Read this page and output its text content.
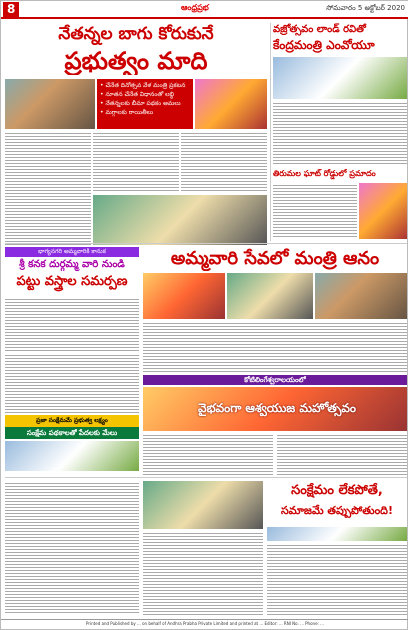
8	ఆంధ్రప్రభ	సోమవారం 5 అక్టోబర్ 2020
నేతన్నల బాగు కోరుకునే
ప్రభుత్వం మాది
• చేనేత దినోత్సవ వేళ మంత్రి ప్రకటన
• నూతన చేనేత విధానంతో లబ్ధి
• నేతన్నలకు బీమా పథకం అమలు
• మగ్గాలకు రాయితీలు
వజ్రోత్సవం లాండ్ రవితో
కేంద్రమంత్రి ఎంవోయూ
తిరుమల ఘాట్ రోడ్డులో ప్రమాదం
భాగ్యనగరి అమ్మవారికి కానుక
శ్రీ కనక దుర్గమ్మ వారి నుండి
పట్టు వస్త్రాల సమర్పణ
అమ్మవారి సేవలో మంత్రి ఆనం
కోటిలింగేశ్వరాలయంలో
వైభవంగా ఆశ్వయుజ మహోత్సవం
ప్రజా సంక్షేమమే ప్రభుత్వ లక్ష్యం
సంక్షేమ పథకాలతో పేదలకు మేలు
సంక్షేమం లేకపోతే,
సమాజమే తప్పుపోతుంది!
Printed and Published by ... on behalf of Andhra Prabha Private Limited and printed at ... Editor: ... RNI No. ... Phone: ...
